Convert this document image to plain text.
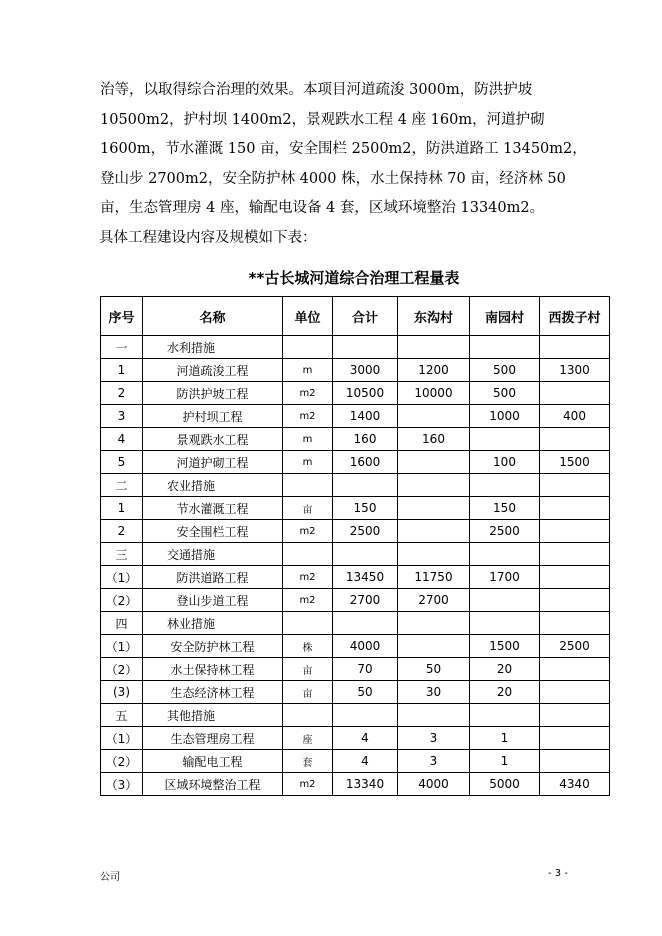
治等，以取得综合治理的效果。本项目河道疏浚 3000m，防洪护坡

10500m2，护村坝 1400m2，景观跌水工程 4 座 160m，河道护砌

1600m，节水灌溉 150 亩，安全围栏 2500m2，防洪道路工 13450m2，

登山步 2700m2，安全防护林 4000 株，水土保持林 70 亩，经济林 50

亩，生态管理房 4 座，输配电设备 4 套，区域环境整治 13340m2。

具体工程建设内容及规模如下表：

**古长城河道综合治理工程量表
序号	名称	单位	合计	东沟村	南园村	西拨子村
一	水利措施					
1	河道疏浚工程	m	3000	1200	500	1300
2	防洪护坡工程	m2	10500	10000	500	
3	护村坝工程	m2	1400		1000	400
4	景观跌水工程	m	160	160		
5	河道护砌工程	m	1600		100	1500
二	农业措施					
1	节水灌溉工程	亩	150		150	
2	安全围栏工程	m2	2500		2500	
三	交通措施					
（1）	防洪道路工程	m2	13450	11750	1700	
（2）	登山步道工程	m2	2700	2700		
四	林业措施					
（1）	安全防护林工程	株	4000		1500	2500
（2）	水土保持林工程	亩	70	50	20	
(3)	生态经济林工程	亩	50	30	20	
五	其他措施					
（1）	生态管理房工程	座	4	3	1	
（2）	输配电工程	套	4	3	1	
（3）	区域环境整治工程	m2	13340	4000	5000	4340
公司	- 3 -
